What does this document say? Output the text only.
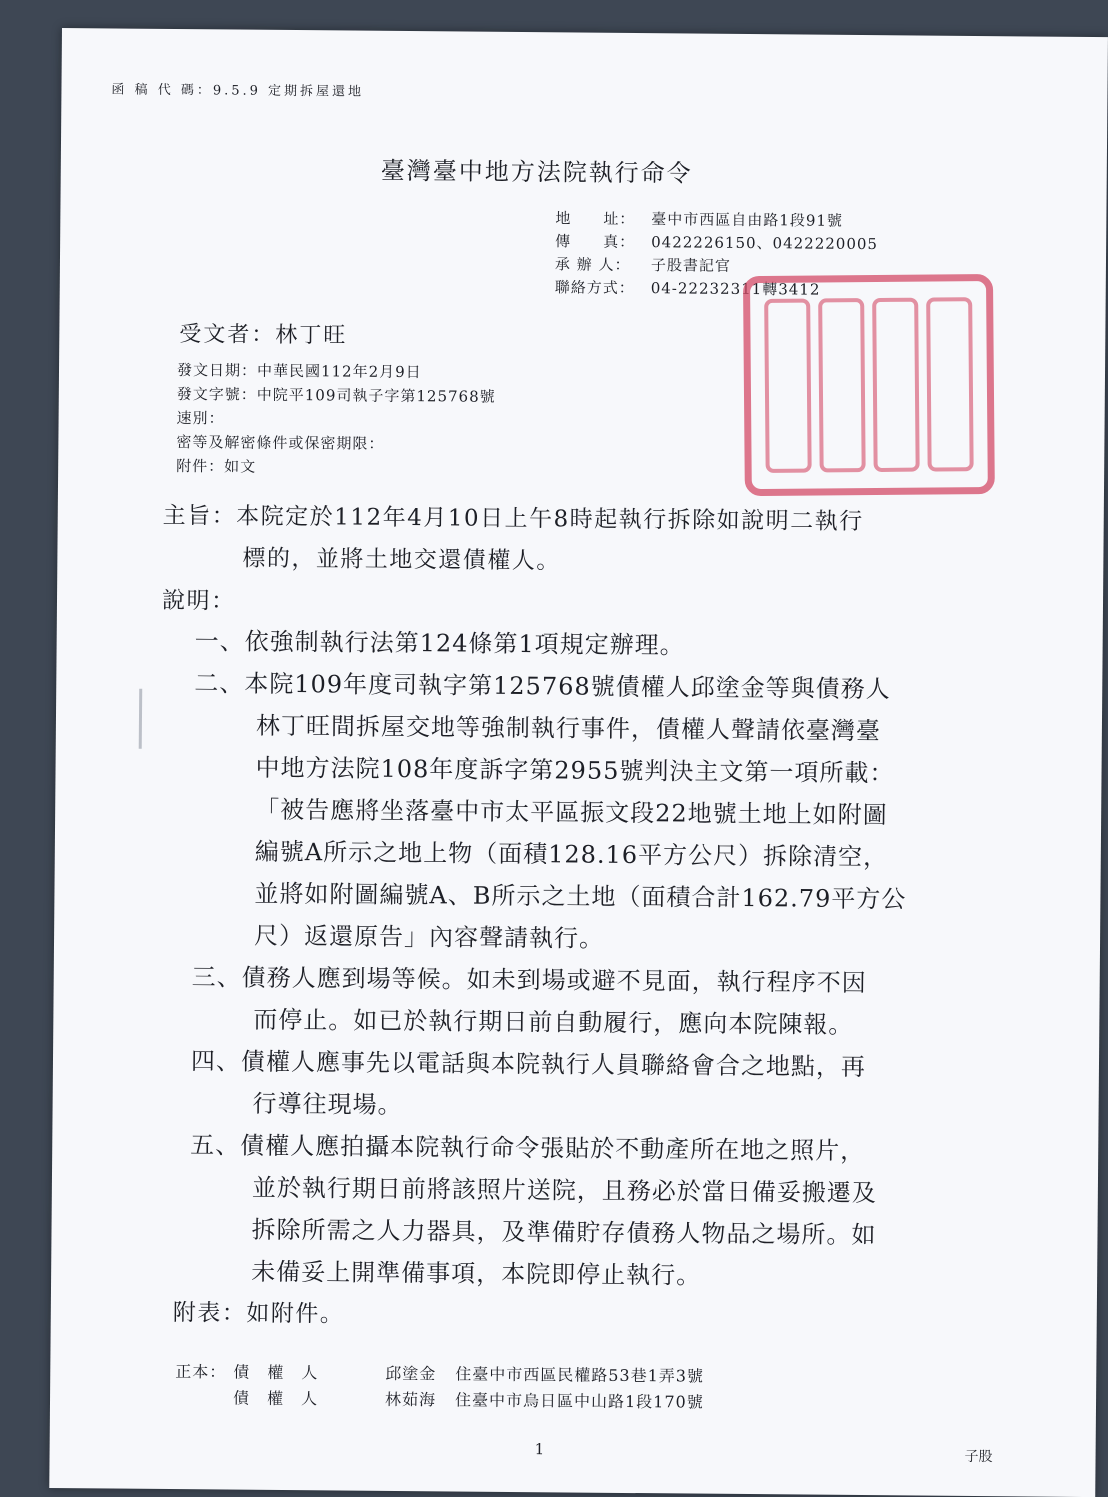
函 稿 代 碼：9.5.9 定期拆屋還地
臺灣臺中地方法院執行命令
地　　址： 臺中市西區自由路1段91號
傳　　真： 0422226150、0422220005
承 辦 人： 子股書記官
聯絡方式： 04-22232311轉3412
受文者：林丁旺
發文日期：中華民國112年2月9日
發文字號：中院平109司執子字第125768號
速別：
密等及解密條件或保密期限：
附件：如文
主旨：本院定於112年4月10日上午8時起執行拆除如說明二執行
標的，並將土地交還債權人。
說明：
一、依強制執行法第124條第1項規定辦理。
二、本院109年度司執字第125768號債權人邱塗金等與債務人
林丁旺間拆屋交地等強制執行事件，債權人聲請依臺灣臺
中地方法院108年度訴字第2955號判決主文第一項所載：
「被告應將坐落臺中市太平區振文段22地號土地上如附圖
編號A所示之地上物（面積128.16平方公尺）拆除清空，
並將如附圖編號A、B所示之土地（面積合計162.79平方公
尺）返還原告」內容聲請執行。
三、債務人應到場等候。如未到場或避不見面，執行程序不因
而停止。如已於執行期日前自動履行，應向本院陳報。
四、債權人應事先以電話與本院執行人員聯絡會合之地點，再
行導往現場。
五、債權人應拍攝本院執行命令張貼於不動產所在地之照片，
並於執行期日前將該照片送院，且務必於當日備妥搬遷及
拆除所需之人力器具，及準備貯存債務人物品之場所。如
未備妥上開準備事項，本院即停止執行。
附表：如附件。
正本： 債　權　人	邱塗金 住臺中市西區民權路53巷1弄3號
債　權　人	林茹海 住臺中市烏日區中山路1段170號
1	子股
